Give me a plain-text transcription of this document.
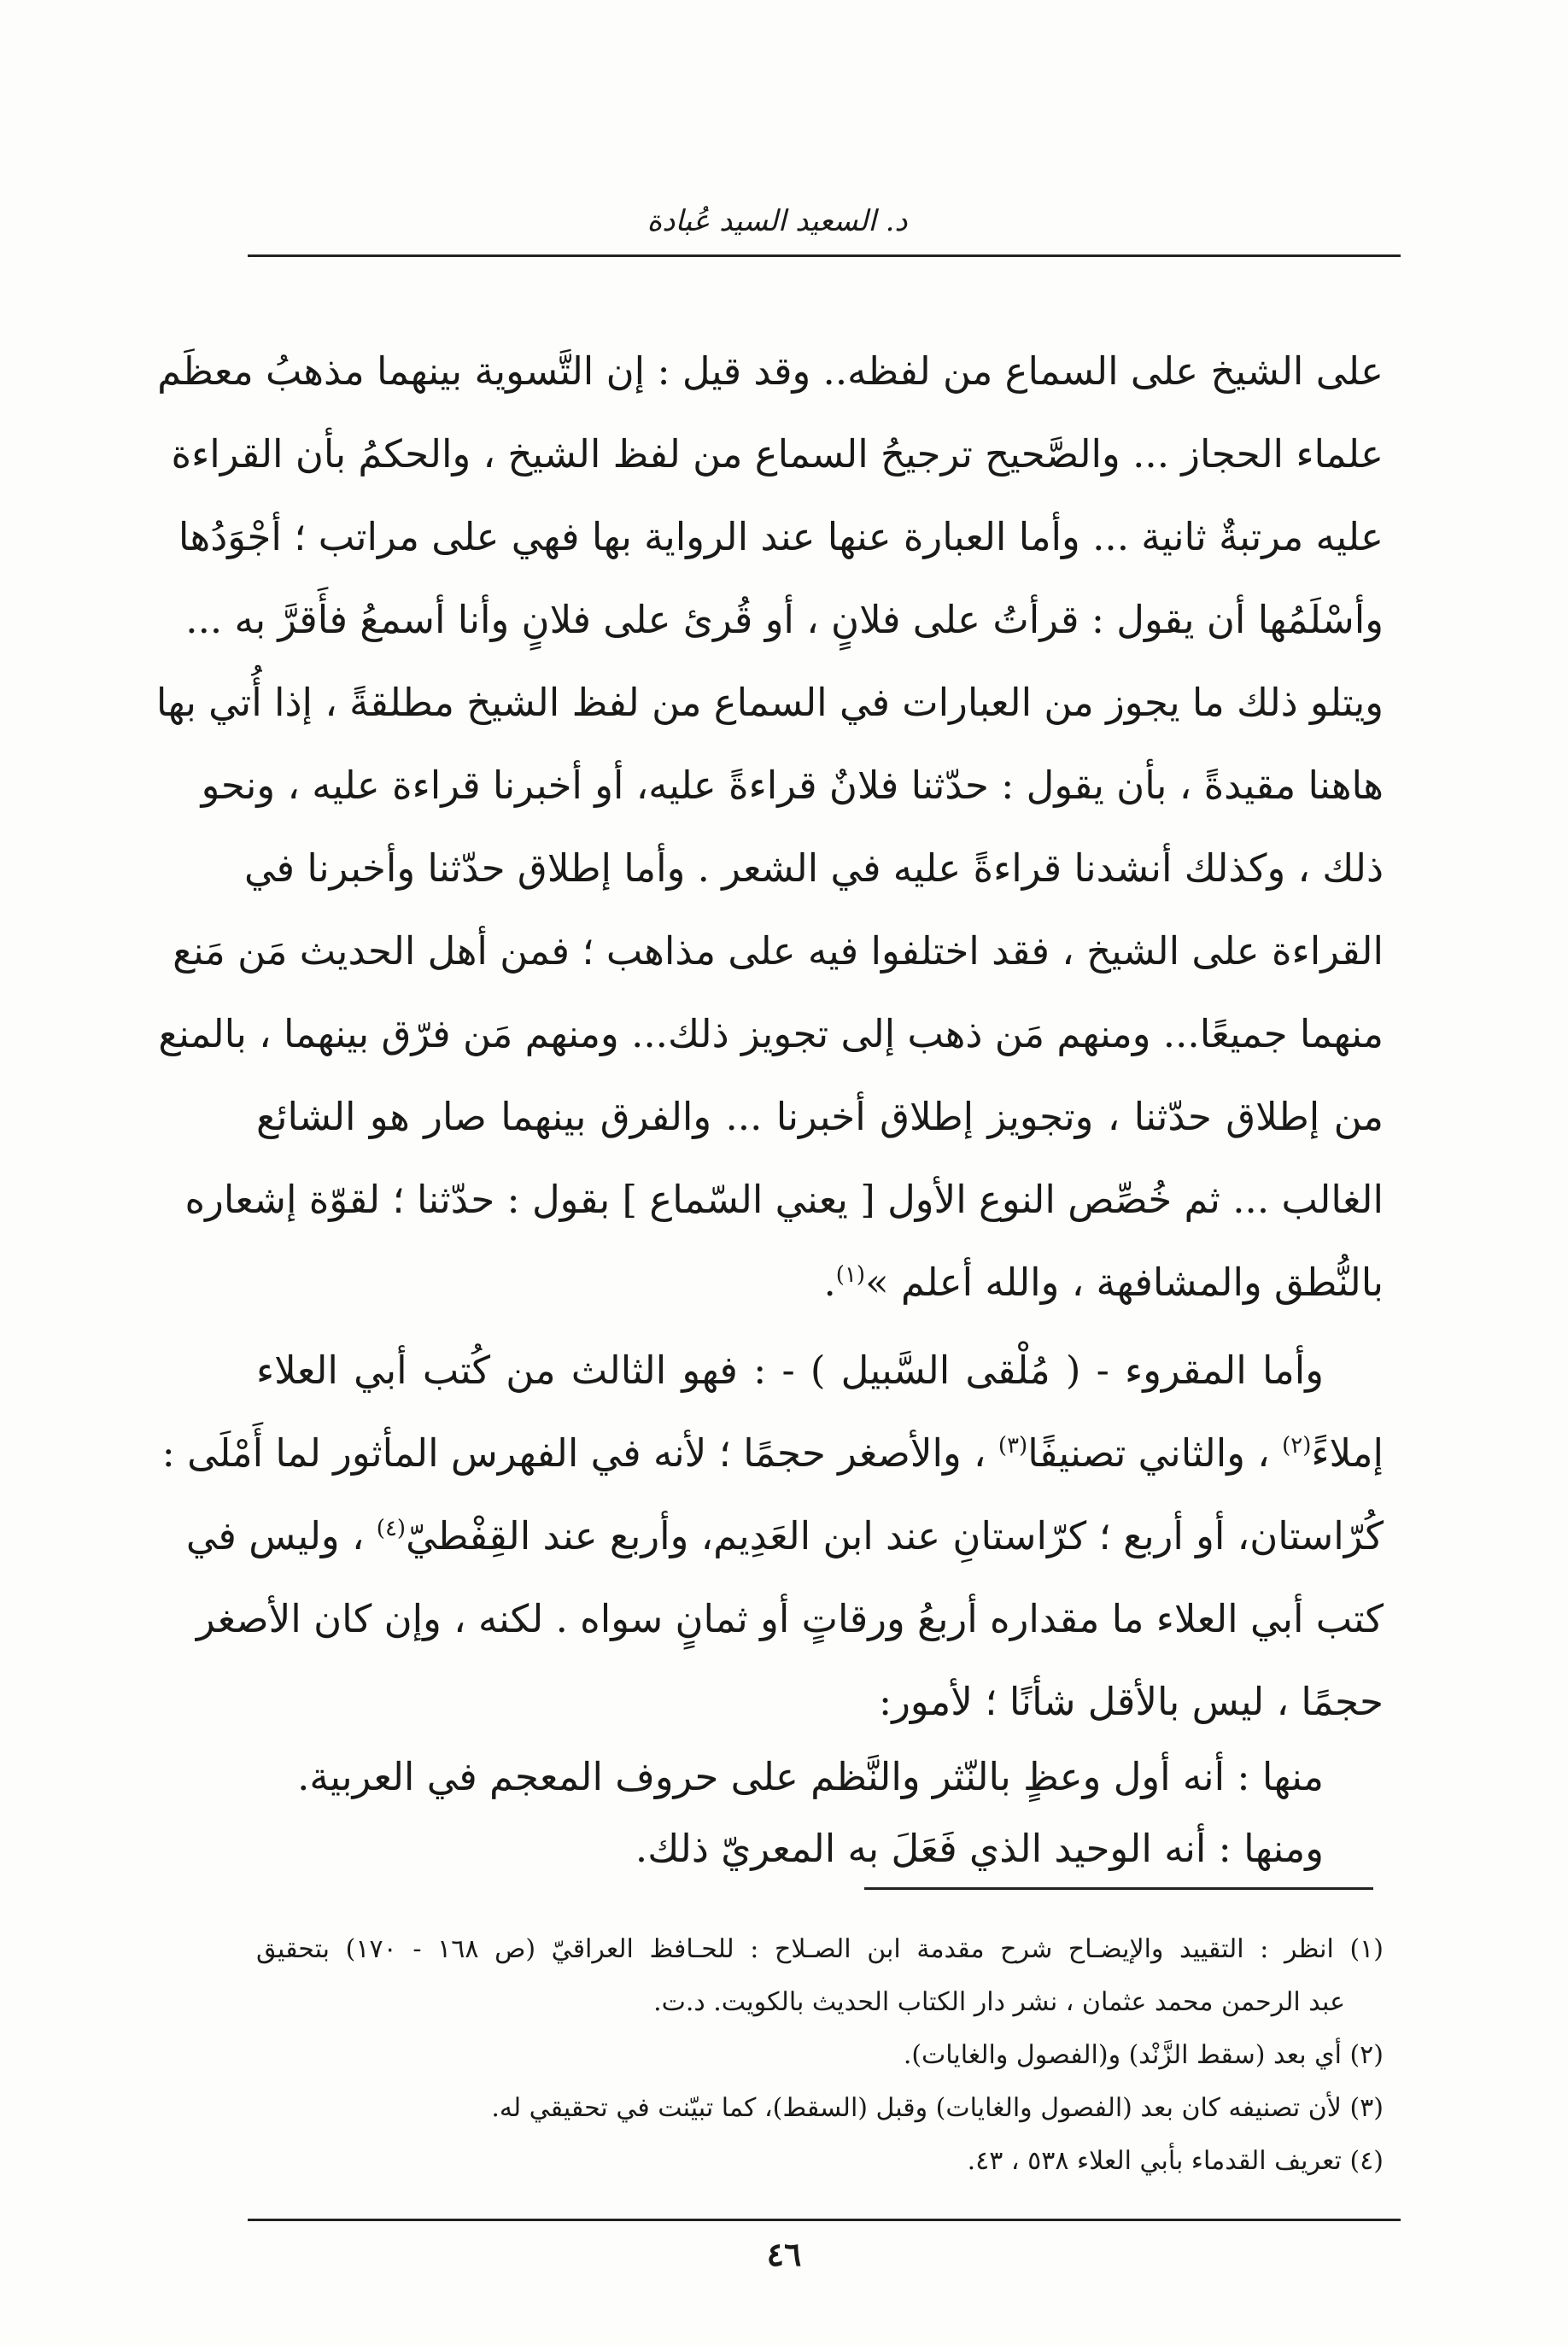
د. السعيد السيد عُبادة
على الشيخ على السماع من لفظه.. وقد قيل : إن التَّسوية بينهما مذهبُ معظَم
علماء الحجاز ... والصَّحيح ترجيحُ السماع من لفظ الشيخ ، والحكمُ بأن القراءة
عليه مرتبةٌ ثانية ... وأما العبارة عنها عند الرواية بها فهي على مراتب ؛ أجْوَدُها
وأسْلَمُها أن يقول : قرأتُ على فلانٍ ، أو قُرئ على فلانٍ وأنا أسمعُ فأَقرَّ به ...
ويتلو ذلك ما يجوز من العبارات في السماع من لفظ الشيخ مطلقةً ، إذا أُتي بها
هاهنا مقيدةً ، بأن يقول : حدّثنا فلانٌ قراءةً عليه، أو أخبرنا قراءة عليه ، ونحو
ذلك ، وكذلك أنشدنا قراءةً عليه في الشعر . وأما إطلاق حدّثنا وأخبرنا في
القراءة على الشيخ ، فقد اختلفوا فيه على مذاهب ؛ فمن أهل الحديث مَن مَنع
منهما جميعًا... ومنهم مَن ذهب إلى تجويز ذلك... ومنهم مَن فرّق بينهما ، بالمنع
من إطلاق حدّثنا ، وتجويز إطلاق أخبرنا ... والفرق بينهما صار هو الشائع
الغالب ... ثم خُصِّص النوع الأول [ يعني السّماع ] بقول : حدّثنا ؛ لقوّة إشعاره
بالنُّطق والمشافهة ، والله أعلم »$^{(١)}$.
وأما المقروء - ( مُلْقى السَّبيل ) - : فهو الثالث من كُتب أبي العلاء
إملاءً$^{(٢)}$ ، والثاني تصنيفًا$^{(٣)}$ ، والأصغر حجمًا ؛ لأنه في الفهرس المأثور لما أَمْلَى :
كُرّاستان، أو أربع ؛ كرّاستانِ عند ابن العَدِيم، وأربع عند القِفْطيّ$^{(٤)}$ ، وليس في
كتب أبي العلاء ما مقداره أربعُ ورقاتٍ أو ثمانٍ سواه . لكنه ، وإن كان الأصغر
حجمًا ، ليس بالأقل شأنًا ؛ لأمور:
منها : أنه أول وعظٍ بالنّثر والنَّظم على حروف المعجم في العربية.
ومنها : أنه الوحيد الذي فَعَلَ به المعريّ ذلك.
(١) انظر : التقييد والإيضـاح شرح مقدمة ابن الصـلاح : للحـافظ العراقيّ (ص ١٦٨ - ١٧٠) بتحقيق
عبد الرحمن محمد عثمان ، نشر دار الكتاب الحديث بالكويت. د.ت.
(٢) أي بعد (سقط الزَّنْد) و(الفصول والغايات).
(٣) لأن تصنيفه كان بعد (الفصول والغايات) وقبل (السقط)، كما تبيّنت في تحقيقي له.
(٤) تعريف القدماء بأبي العلاء ٥٣٨ ، ٤٣.
٤٦
